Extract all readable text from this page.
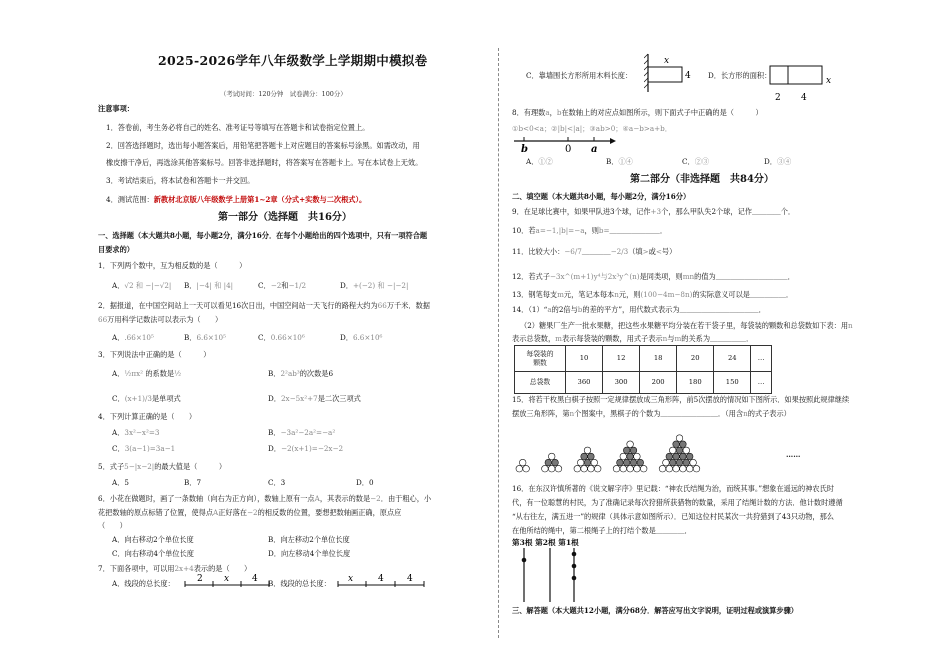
2025-2026学年八年级数学上学期期中模拟卷
（考试时间：120分钟　试卷满分：100分）
注意事项：
1．答卷前，考生务必将自己的姓名、准考证号等填写在答题卡和试卷指定位置上。
2．回答选择题时，选出每小题答案后，用铅笔把答题卡上对应题目的答案标号涂黑。如需改动，用
橡皮擦干净后，再选涂其他答案标号。回答非选择题时，将答案写在答题卡上。写在本试卷上无效。
3．考试结束后，将本试卷和答题卡一并交回。
4．测试范围：新教材北京版八年级数学上册第1~2章（分式+实数与二次根式）。
第一部分（选择题　共16分）
一、选择题（本大题共8小题，每小题2分，满分16分．在每个小题给出的四个选项中，只有一项符合题
目要求的）
1．下列两个数中，互为相反数的是（　　　）
A．√2 和 −|−√2| B．|−4| 和 |4|	C．−2和−1/2	D．+(−2) 和 −|−2|
2．据报道，在中国空间站上一天可以看见16次日出，中国空间站一天飞行的路程大约为66万千米．数据
66万用科学记数法可以表示为（　　）
A．.66×10⁵	B．6.6×10⁵	C．0.66×10⁶	D．6.6×10⁶
3．下列说法中正确的是（　　　）
A．½πx² 的系数是½	B．2²ab³的次数是6
C．(x+1)/3是单项式	D．2x−5x²+7是二次三项式
4．下列计算正确的是（　　）
A．3x²−x²=3	B．−3a²−2a²=−a²
C．3(a−1)=3a−1	D．−2(x+1)=−2x−2
5．式子5−|x−2|的最大值是（　　　）
A．5	B．7	C．3	D．0
6．小花在做题时，画了一条数轴（向右为正方向），数轴上原有一点A，其表示的数是−2．由于粗心，小
花把数轴的原点标错了位置，使得点A正好落在−2的相反数的位置，要想把数轴画正确，原点应
（　　）
A．向右移动2个单位长度	B．向左移动2个单位长度
C．向右移动4个单位长度	D．向左移动4个单位长度
7．下面各项中，可以用2x+4表示的是（　　）
A．线段的总长度： 2 x	4 B．线段的总长度： x	4	4
C．靠墙围长方形所用木料长度：
x
4 D．长方形的面积：
x
2 4
8．有理数a，b在数轴上的对应点如图所示，则下面式子中正确的是（　　　）
①b<0<a；②|b|<|a|；③ab>0；④a−b>a+b．
b	0 a
A．①②	B．①④	C．②③	D．③④
第二部分（非选择题　共84分）
二、填空题（本大题共8小题，每小题2分，满分16分）
9．在足球比赛中，如果甲队进3个球，记作+3个，那么甲队失2个球，记作＿＿＿＿个．
10．若a=−1,|b|=−a，则b=＿＿＿＿＿＿＿．
11．比较大小：−6/7＿＿＿＿−2/3（填>或<号）
12．若式子−3x^(m+1)y⁴与2x³y^(n)是同类项，则mn的值为＿＿＿＿＿＿＿＿＿＿．
13．钢笔每支m元，笔记本每本n元，则(100−4m−8n)的实际意义可以是＿＿＿＿＿．
14．（1）“a的2倍与b的差的平方”，用代数式表示为＿＿＿＿＿＿＿＿＿＿＿．
（2）糖果厂生产一批水果糖，把这些水果糖平均分装在若干袋子里，每袋装的颗数和总袋数如下表：用n
表示总袋数，m表示每袋装的颗数，用式子表示n与m的关系为＿＿＿＿＿．
每袋装的
颗数	10	12	18	20	24	…
总袋数	360	300	200	180	150	…
15．将若干枚黑白棋子按照一定规律摆放成三角形阵，前5次摆放的情况如下图所示．如果按照此规律继续
摆放三角形阵，第n个图案中，黑棋子的个数为＿＿＿＿＿＿＿＿．（用含n的式子表示）
……
16．在东汉许慎所著的《说文解字序》里记载：“神农氏结绳为治，而统其事。”想象在遥远的神农氏时
代，有一位聪慧的村民，为了准确记录每次狩猎所获猎物的数量，采用了结绳计数的方法．他计数时遵循
“从右往左，满五进一”的规律（具体示意如图所示）．已知这位村民某次一共狩猎到了43只动物，那么
在他所结的绳中，第二根绳子上的打结个数是＿＿＿＿．
第3根 第2根 第1根
三、解答题（本大题共12小题，满分68分．解答应写出文字说明，证明过程或演算步骤）
